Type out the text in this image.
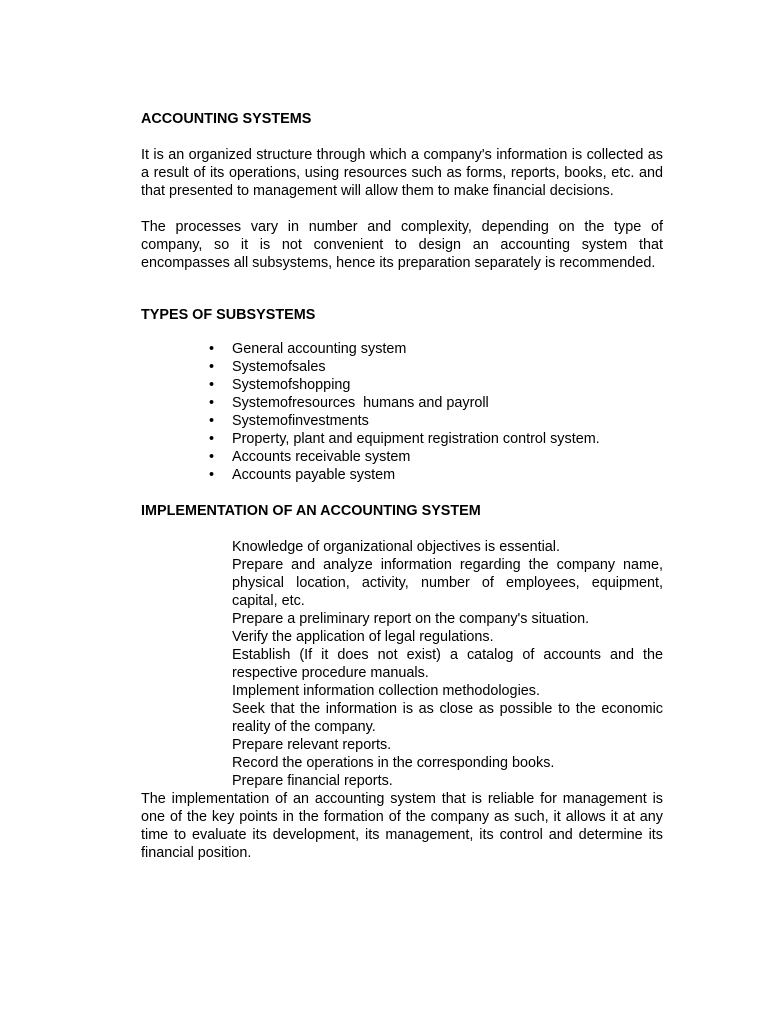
ACCOUNTING SYSTEMS

It is an organized structure through which a company's information is collected as a result of its operations, using resources such as forms, reports, books, etc. and that presented to management will allow them to make financial decisions.

The processes vary in number and complexity, depending on the type of company, so it is not convenient to design an accounting system that encompasses all subsystems, hence its preparation separately is recommended.

TYPES OF SUBSYSTEMS

• General accounting system
• Systemofsales
• Systemofshopping
• Systemofresources  humans and payroll
• Systemofinvestments
• Property, plant and equipment registration control system.
• Accounts receivable system
• Accounts payable system

IMPLEMENTATION OF AN ACCOUNTING SYSTEM

Knowledge of organizational objectives is essential.
Prepare and analyze information regarding the company name, physical location, activity, number of employees, equipment, capital, etc.
Prepare a preliminary report on the company's situation.
Verify the application of legal regulations.
Establish (If it does not exist) a catalog of accounts and the respective procedure manuals.
Implement information collection methodologies.
Seek that the information is as close as possible to the economic reality of the company.
Prepare relevant reports.
Record the operations in the corresponding books.
Prepare financial reports.

The implementation of an accounting system that is reliable for management is one of the key points in the formation of the company as such, it allows it at any time to evaluate its development, its management, its control and determine its financial position.
